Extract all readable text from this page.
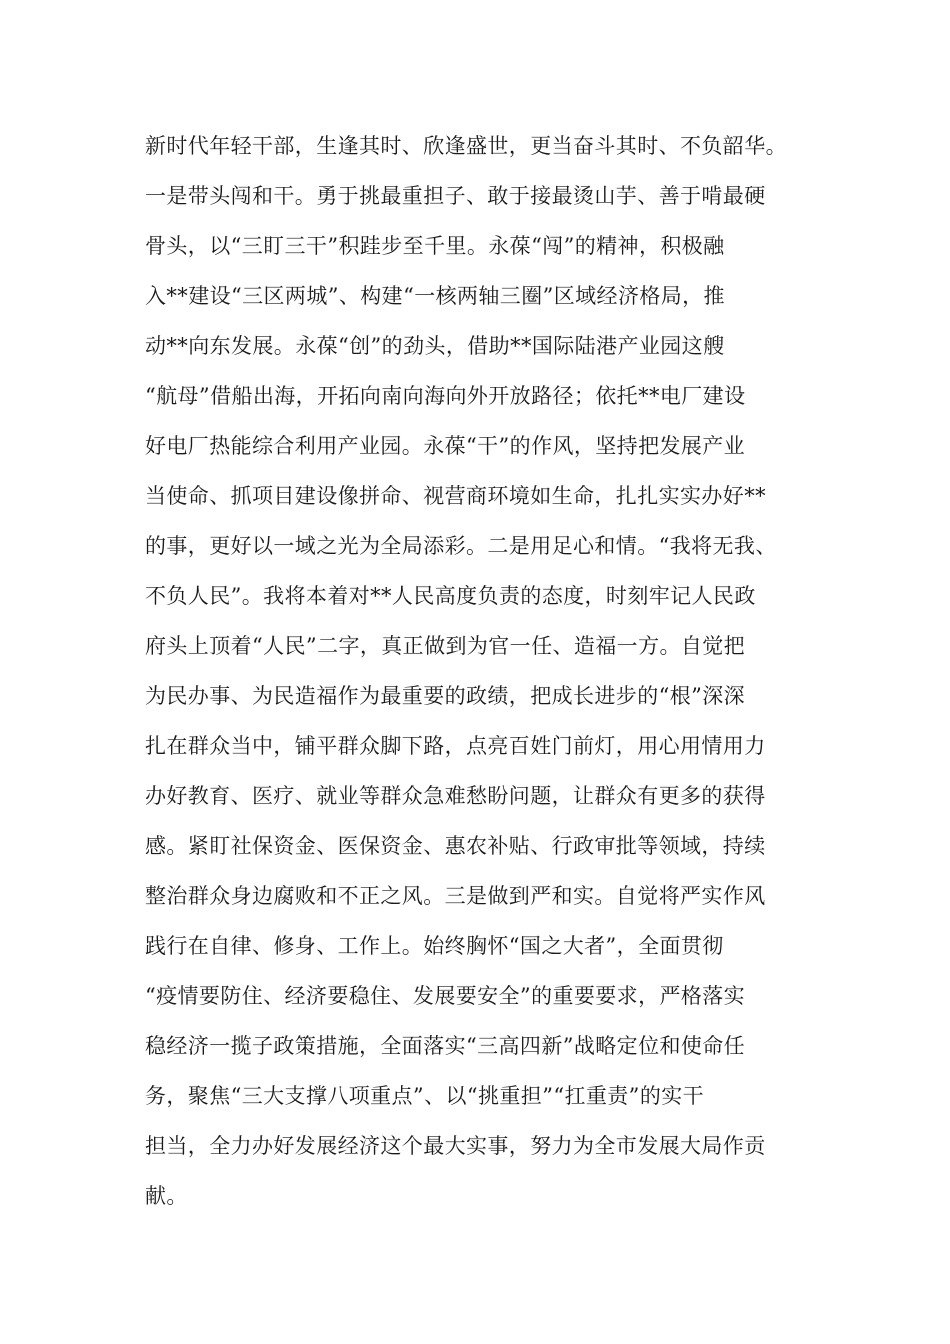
新时代年轻干部，生逢其时、欣逢盛世，更当奋斗其时、不负韶华。
一是带头闯和干。勇于挑最重担子、敢于接最烫山芋、善于啃最硬
骨头，以“三盯三干”积跬步至千里。永葆“闯”的精神，积极融
入**建设“三区两城”、构建“一核两轴三圈”区域经济格局，推
动**向东发展。永葆“创”的劲头，借助**国际陆港产业园这艘
“航母”借船出海，开拓向南向海向外开放路径；依托**电厂建设
好电厂热能综合利用产业园。永葆“干”的作风，坚持把发展产业
当使命、抓项目建设像拼命、视营商环境如生命，扎扎实实办好**
的事，更好以一域之光为全局添彩。二是用足心和情。“我将无我、
不负人民”。我将本着对**人民高度负责的态度，时刻牢记人民政
府头上顶着“人民”二字，真正做到为官一任、造福一方。自觉把
为民办事、为民造福作为最重要的政绩，把成长进步的“根”深深
扎在群众当中，铺平群众脚下路，点亮百姓门前灯，用心用情用力
办好教育、医疗、就业等群众急难愁盼问题，让群众有更多的获得
感。紧盯社保资金、医保资金、惠农补贴、行政审批等领域，持续
整治群众身边腐败和不正之风。三是做到严和实。自觉将严实作风
践行在自律、修身、工作上。始终胸怀“国之大者”，全面贯彻
“疫情要防住、经济要稳住、发展要安全”的重要要求，严格落实
稳经济一揽子政策措施，全面落实“三高四新”战略定位和使命任
务，聚焦“三大支撑八项重点”、以“挑重担”“扛重责”的实干
担当，全力办好发展经济这个最大实事，努力为全市发展大局作贡
献。
